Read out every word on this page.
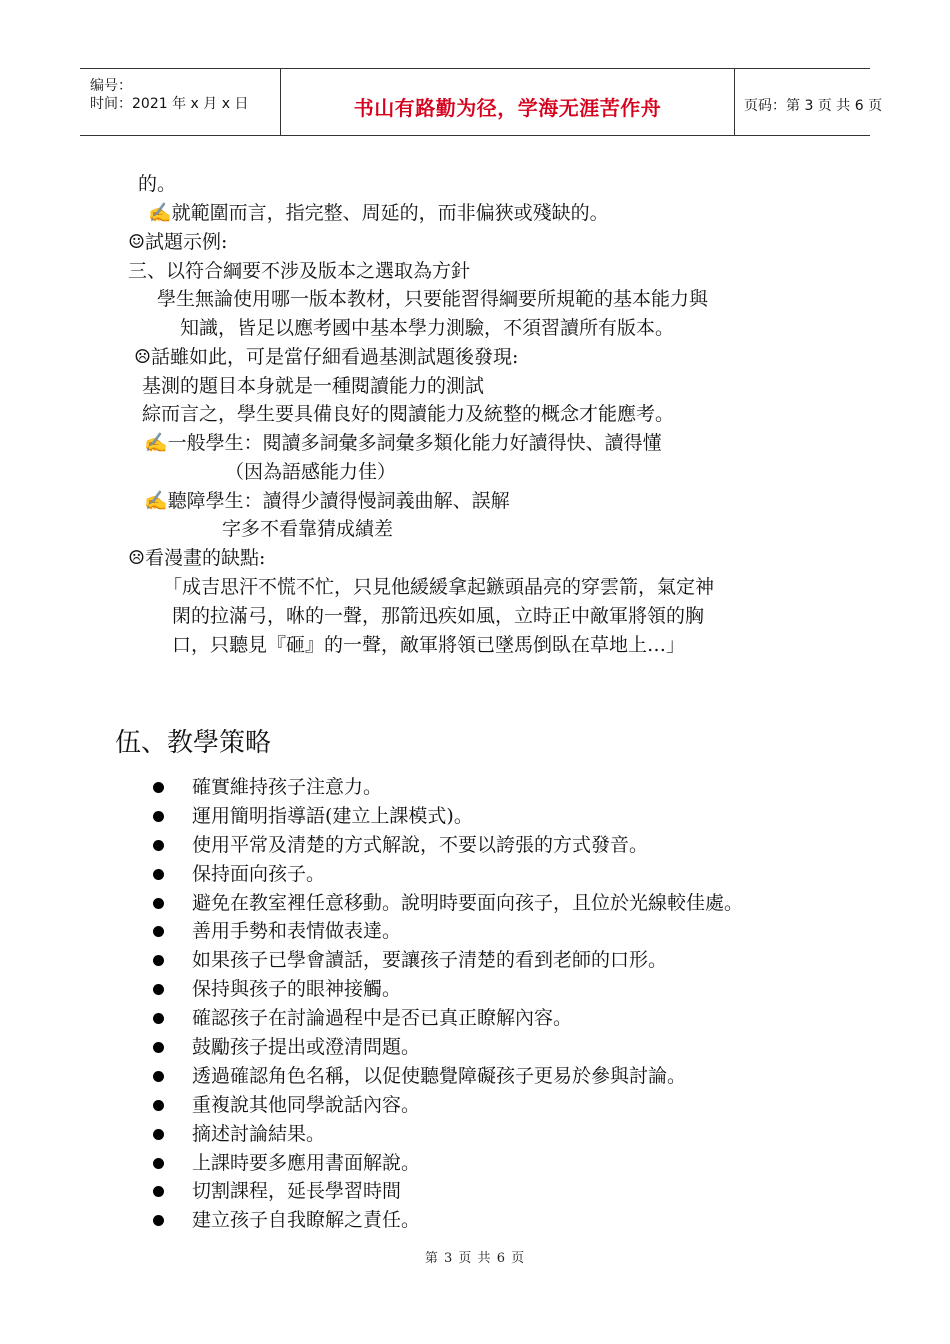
编号：
时间：2021 年 x 月 x 日	书山有路勤为径，学海无涯苦作舟	页码：第 3 页 共 6 页
的。
✍就範圍而言，指完整、周延的，而非偏狹或殘缺的。
☺試題示例:
三、以符合綱要不涉及版本之選取為方針
學生無論使用哪一版本教材，只要能習得綱要所規範的基本能力與
知識，皆足以應考國中基本學力測驗，不須習讀所有版本。
☹話雖如此，可是當仔細看過基測試題後發現:
基測的題目本身就是一種閱讀能力的測試
綜而言之，學生要具備良好的閱讀能力及統整的概念才能應考。
✍一般學生：閱讀多詞彙多詞彙多類化能力好讀得快、讀得懂
（因為語感能力佳）
✍聽障學生：讀得少讀得慢詞義曲解、誤解
字多不看靠猜成績差
☹看漫畫的缺點:
「成吉思汗不慌不忙，只見他緩緩拿起鏃頭晶亮的穿雲箭，氣定神
閑的拉滿弓，咻的一聲，那箭迅疾如風，立時正中敵軍將領的胸
口，只聽見『砸』的一聲，敵軍將領已墜馬倒臥在草地上…」
伍、教學策略
確實維持孩子注意力。
運用簡明指導語(建立上課模式)。
使用平常及清楚的方式解說，不要以誇張的方式發音。
保持面向孩子。
避免在教室裡任意移動。說明時要面向孩子，且位於光線較佳處。
善用手勢和表情做表達。
如果孩子已學會讀話，要讓孩子清楚的看到老師的口形。
保持與孩子的眼神接觸。
確認孩子在討論過程中是否已真正瞭解內容。
鼓勵孩子提出或澄清問題。
透過確認角色名稱，以促使聽覺障礙孩子更易於參與討論。
重複說其他同學說話內容。
摘述討論結果。
上課時要多應用書面解說。
切割課程，延長學習時間
建立孩子自我瞭解之責任。
第 3 页 共 6 页
